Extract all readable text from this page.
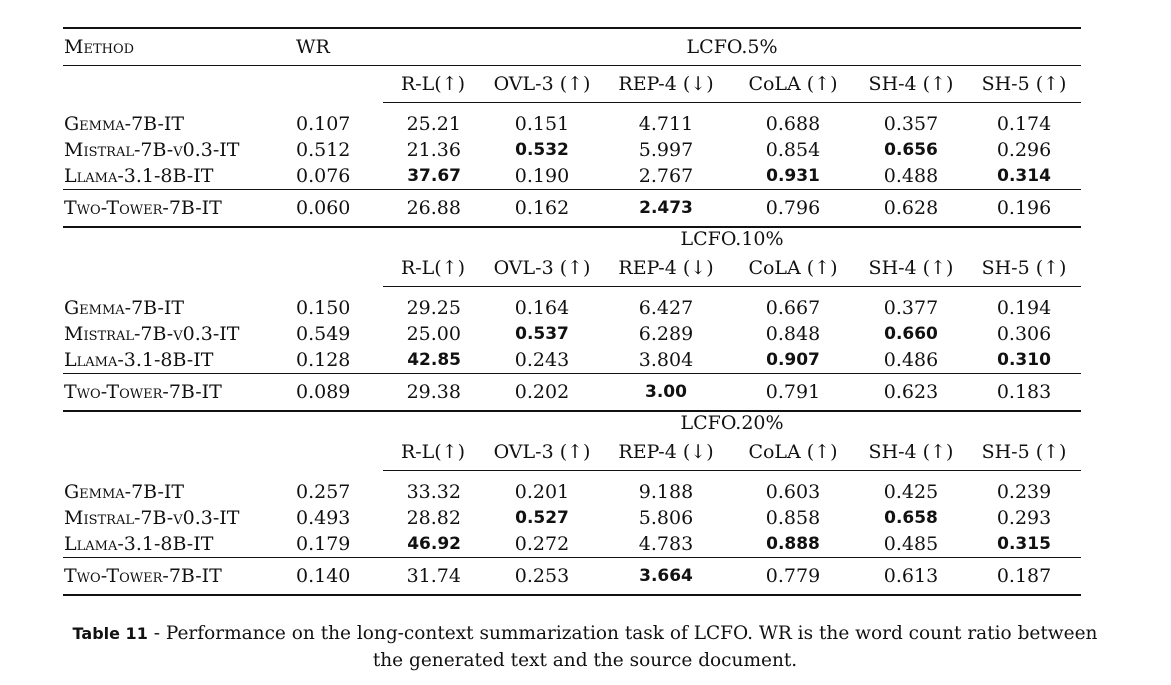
Method	WR	LCFO.5%					
		R-L(↑)	OVL-3 (↑)	REP-4 (↓)	CoLA (↑)	SH-4 (↑)	SH-5 (↑)
Gemma-7B-IT	0.107	25.21	0.151	4.711	0.688	0.357	0.174
Mistral-7B-v0.3-IT	0.512	21.36	0.532	5.997	0.854	0.656	0.296
Llama-3.1-8B-IT	0.076	37.67	0.190	2.767	0.931	0.488	0.314
Two-Tower-7B-IT	0.060	26.88	0.162	2.473	0.796	0.628	0.196
		LCFO.10%					
		R-L(↑)	OVL-3 (↑)	REP-4 (↓)	CoLA (↑)	SH-4 (↑)	SH-5 (↑)
Gemma-7B-IT	0.150	29.25	0.164	6.427	0.667	0.377	0.194
Mistral-7B-v0.3-IT	0.549	25.00	0.537	6.289	0.848	0.660	0.306
Llama-3.1-8B-IT	0.128	42.85	0.243	3.804	0.907	0.486	0.310
Two-Tower-7B-IT	0.089	29.38	0.202	3.00	0.791	0.623	0.183
		LCFO.20%					
		R-L(↑)	OVL-3 (↑)	REP-4 (↓)	CoLA (↑)	SH-4 (↑)	SH-5 (↑)
Gemma-7B-IT	0.257	33.32	0.201	9.188	0.603	0.425	0.239
Mistral-7B-v0.3-IT	0.493	28.82	0.527	5.806	0.858	0.658	0.293
Llama-3.1-8B-IT	0.179	46.92	0.272	4.783	0.888	0.485	0.315
Two-Tower-7B-IT	0.140	31.74	0.253	3.664	0.779	0.613	0.187
Table 11 - Performance on the long-context summarization task of LCFO. WR is the word count ratio between the generated text and the source document.
